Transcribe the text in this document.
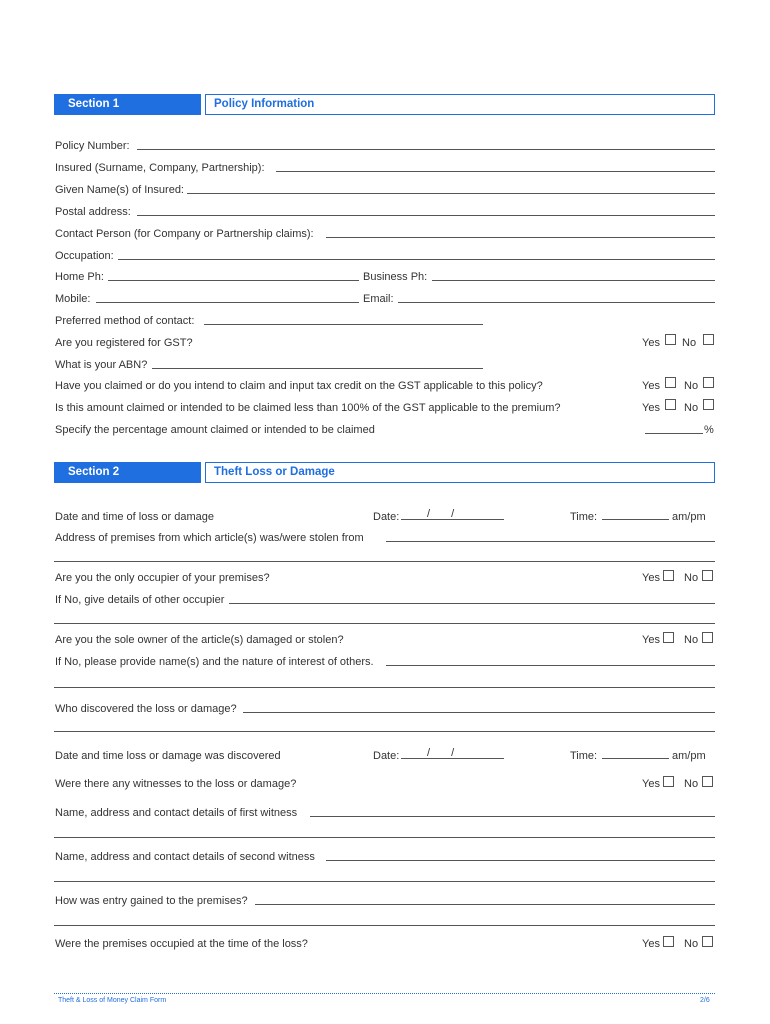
Section 1	Policy Information
Policy Number:
Insured (Surname, Company, Partnership):
Given Name(s) of Insured:
Postal address:
Contact Person (for Company or Partnership claims):
Occupation:
Home Ph:	Business Ph:
Mobile:	Email:
Preferred method of contact:
Are you registered for GST?	Yes No
What is your ABN?
Have you claimed or do you intend to claim and input tax credit on the GST applicable to this policy?	Yes No
Is this amount claimed or intended to be claimed less than 100% of the GST applicable to the premium?	Yes No
Specify the percentage amount claimed or intended to be claimed	%
Section 2	Theft Loss or Damage
Date and time of loss or damage	Date:	/ /	Time:	am/pm
Address of premises from which article(s) was/were stolen from
Are you the only occupier of your premises?	Yes No
If No, give details of other occupier
Are you the sole owner of the article(s) damaged or stolen?	Yes No
If No, please provide name(s) and the nature of interest of others.
Who discovered the loss or damage?
Date and time loss or damage was discovered	Date:	/ /	Time:	am/pm
Were there any witnesses to the loss or damage?	Yes No
Name, address and contact details of first witness
Name, address and contact details of second witness
How was entry gained to the premises?
Were the premises occupied at the time of the loss?	Yes No
Theft & Loss of Money Claim Form	2/6
